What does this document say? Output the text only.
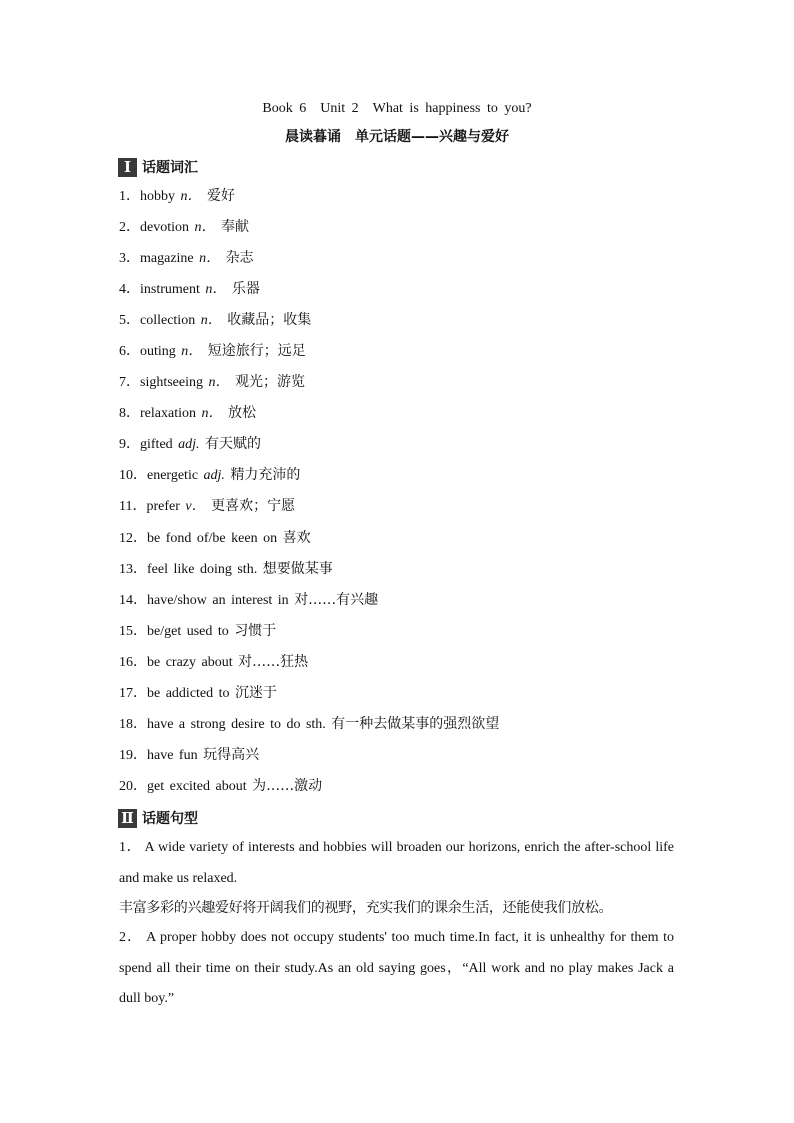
Book 6　Unit 2　What is happiness to you?
晨读暮诵　单元话题——兴趣与爱好
Ⅰ 话题词汇
1．hobby n． 爱好
2．devotion n． 奉献
3．magazine n． 杂志
4．instrument n． 乐器
5．collection n． 收藏品；收集
6．outing n． 短途旅行；远足
7．sightseeing n． 观光；游览
8．relaxation n． 放松
9．gifted adj. 有天赋的
10．energetic adj. 精力充沛的
11．prefer v． 更喜欢；宁愿
12．be fond of/be keen on 喜欢
13．feel like doing sth. 想要做某事
14．have/show an interest in 对……有兴趣
15．be/get used to 习惯于
16．be crazy about 对……狂热
17．be addicted to 沉迷于
18．have a strong desire to do sth. 有一种去做某事的强烈欲望
19．have fun 玩得高兴
20．get excited about 为……激动
Ⅱ 话题句型
1． A wide variety of interests and hobbies will broaden our horizons, enrich the after-school life and make us relaxed.
丰富多彩的兴趣爱好将开阔我们的视野，充实我们的课余生活，还能使我们放松。
2． A proper hobby does not occupy students' too much time.In fact, it is unhealthy for them to spend all their time on their study.As an old saying goes，“All work and no play makes Jack a dull boy.”
